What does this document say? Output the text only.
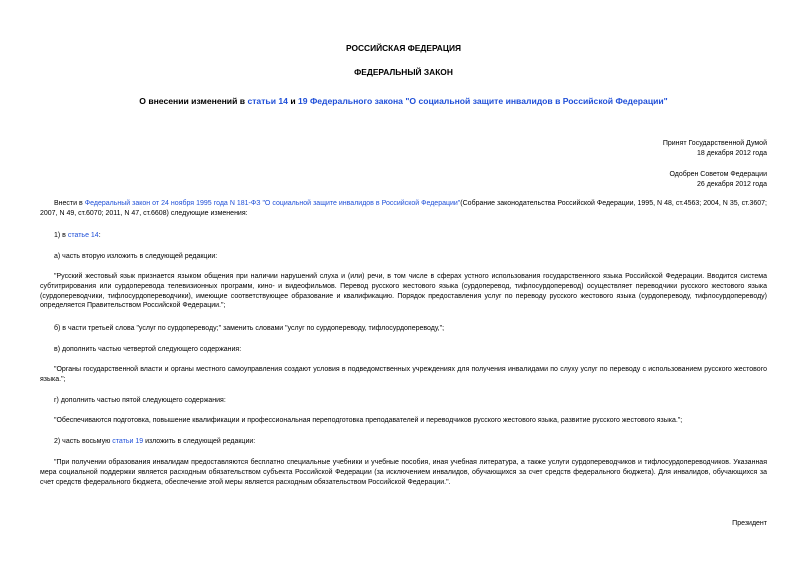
РОССИЙСКАЯ ФЕДЕРАЦИЯ
ФЕДЕРАЛЬНЫЙ ЗАКОН
О внесении изменений в статьи 14 и 19 Федерального закона "О социальной защите инвалидов в Российской Федерации"
Принят Государственной Думой
18 декабря 2012 года
Одобрен Советом Федерации
26 декабря 2012 года
Внести в Федеральный закон от 24 ноября 1995 года N 181-ФЗ "О социальной защите инвалидов в Российской Федерации"(Собрание законодательства Российской Федерации, 1995, N 48, ст.4563; 2004, N 35, ст.3607; 2007, N 49, ст.6070; 2011, N 47, ст.6608) следующие изменения:
1) в статье 14:
а) часть вторую изложить в следующей редакции:
"Русский жестовый язык признается языком общения при наличии нарушений слуха и (или) речи, в том числе в сферах устного использования государственного языка Российской Федерации. Вводится система субтитрирования или сурдоперевода телевизионных программ, кино- и видеофильмов. Перевод русского жестового языка (сурдоперевод, тифлосурдоперевод) осуществляет переводчики русского жестового языка (сурдопереводчики, тифлосурдопереводчики), имеющие соответствующее образование и квалификацию. Порядок предоставления услуг по переводу русского жестового языка (сурдопереводу, тифлосурдопереводу) определяется Правительством Российской Федерации.";
б) в части третьей слова "услуг по сурдопереводу;" заменить словами "услуг по сурдопереводу, тифлосурдопереводу,";
в) дополнить частью четвертой следующего содержания:
"Органы государственной власти и органы местного самоуправления создают условия в подведомственных учреждениях для получения инвалидами по слуху услуг по переводу с использованием русского жестового языка.";
г) дополнить частью пятой следующего содержания:
"Обеспечиваются подготовка, повышение квалификации и профессиональная переподготовка преподавателей и переводчиков русского жестового языка, развитие русского жестового языка.";
2) часть восьмую статьи 19 изложить в следующей редакции:
"При получении образования инвалидам предоставляются бесплатно специальные учебники и учебные пособия, иная учебная литература, а также услуги сурдопереводчиков и тифлосурдопереводчиков. Указанная мера социальной поддержки является расходным обязательством субъекта Российской Федерации (за исключением инвалидов, обучающихся за счет средств федерального бюджета). Для инвалидов, обучающихся за счет средств федерального бюджета, обеспечение этой меры является расходным обязательством Российской Федерации.".
Президент
